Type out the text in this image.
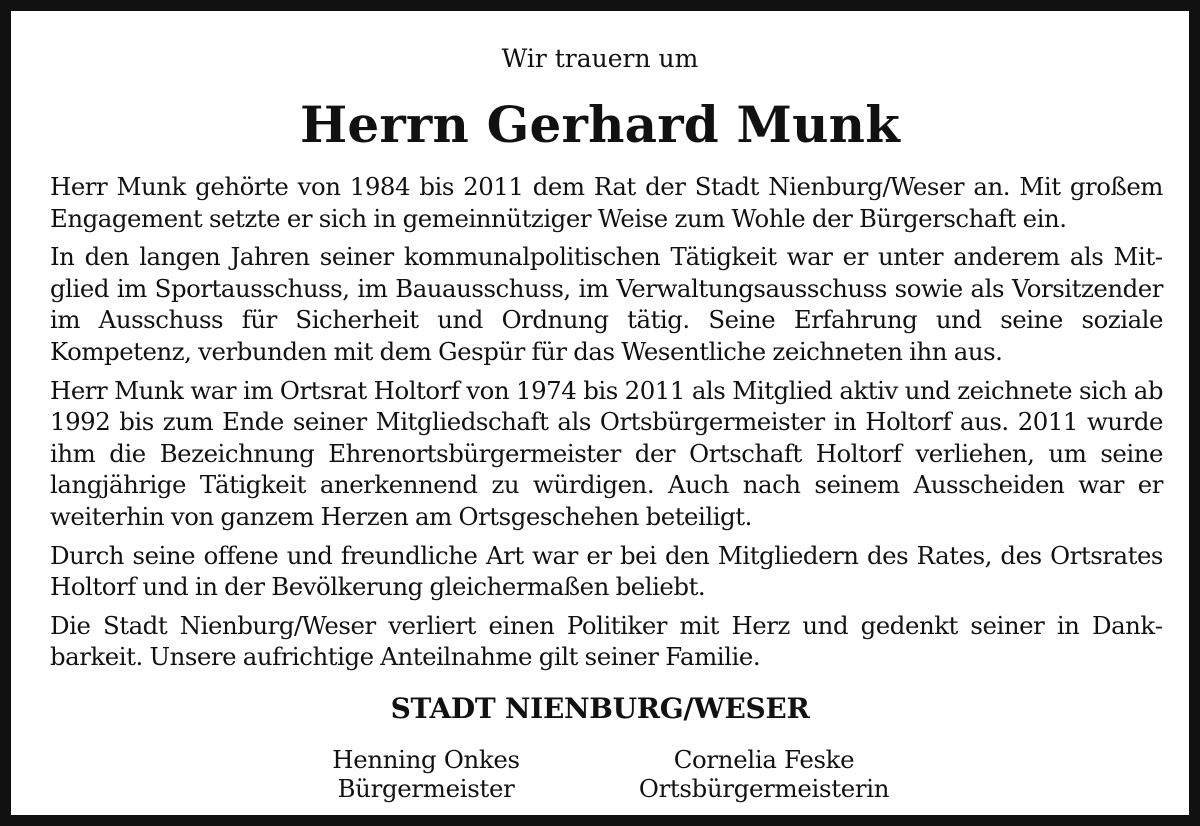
Wir trauern um
Herrn Gerhard Munk

Herr Munk gehörte von 1984 bis 2011 dem Rat der Stadt Nienburg/Weser an. Mit großem Engagement setzte er sich in gemeinnütziger Weise zum Wohle der Bürgerschaft ein.

In den langen Jahren seiner kommunalpolitischen Tätigkeit war er unter anderem als Mitglied im Sportausschuss, im Bauausschuss, im Verwaltungsausschuss sowie als Vorsitzender im Ausschuss für Sicherheit und Ordnung tätig. Seine Erfahrung und seine soziale Kompetenz, verbunden mit dem Gespür für das Wesentliche zeichneten ihn aus.

Herr Munk war im Ortsrat Holtorf von 1974 bis 2011 als Mitglied aktiv und zeichnete sich ab 1992 bis zum Ende seiner Mitgliedschaft als Ortsbürgermeister in Holtorf aus. 2011 wurde ihm die Bezeichnung Ehrenortsbürgermeister der Ortschaft Holtorf verliehen, um seine langjährige Tätigkeit anerkennend zu würdigen. Auch nach seinem Ausscheiden war er weiterhin von ganzem Herzen am Ortsgeschehen beteiligt.

Durch seine offene und freundliche Art war er bei den Mitgliedern des Rates, des Ortsrates Holtorf und in der Bevölkerung gleichermaßen beliebt.

Die Stadt Nienburg/Weser verliert einen Politiker mit Herz und gedenkt seiner in Dankbarkeit. Unsere aufrichtige Anteilnahme gilt seiner Familie.

STADT NIENBURG/WESER
Henning Onkes
Bürgermeister
Cornelia Feske
Ortsbürgermeisterin
